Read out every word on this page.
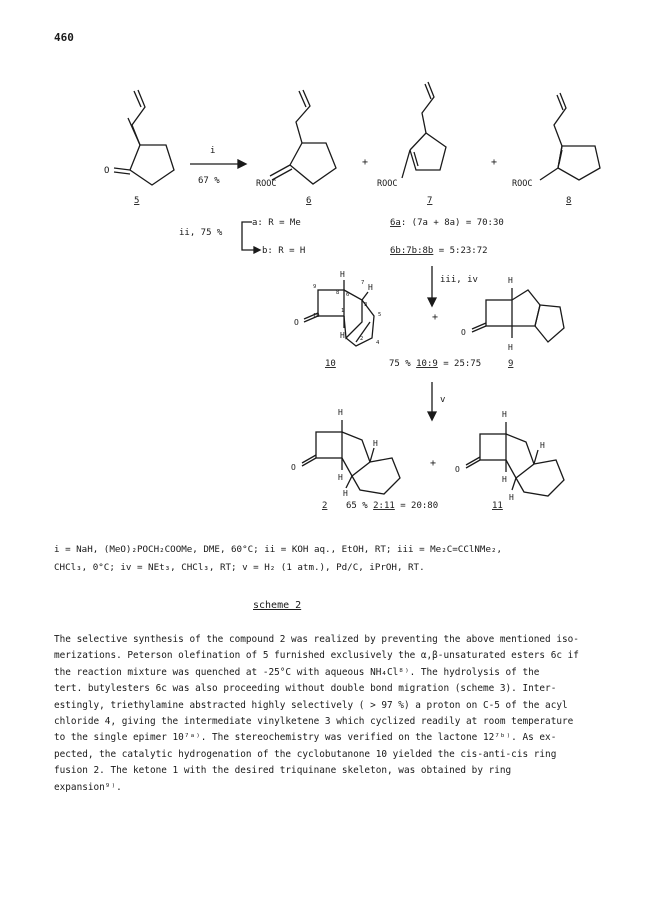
460
O
5
i
67 %	ROOC
6
+
ROOC
7
+
ROOC
8
ii, 75 %
a: R = Me
b: R = H
6a: (7a + 8a) = 70:30
6b:7b:8b = 5:23:72
iii, iv
O
H
H
H
10
1
2
3
4
5
6
7
8
9
10
+
O
H
H
75 % 10:9 = 25:75	9
v
O
H
H
H
H
2
+
O
H
H
H
H
65 % 2:11 = 20:80	11
i = NaH, (MeO)₂POCH₂COOMe, DME, 60°C; ii = KOH aq., EtOH, RT; iii = Me₂C=CClNMe₂,
CHCl₃, 0°C; iv = NEt₃, CHCl₃, RT; v = H₂ (1 atm.), Pd/C, iPrOH, RT.
scheme 2

The selective synthesis of the compound 2 was realized by preventing the above mentioned iso-

merizations. Peterson olefination of 5 furnished exclusively the α,β-unsaturated esters 6c if

the reaction mixture was quenched at -25°C with aqueous NH₄Cl⁸⁾. The hydrolysis of the

tert. butylesters 6c was also proceeding without double bond migration (scheme 3). Inter-

estingly, triethylamine abstracted highly selectively ( > 97 %) a proton on C-5 of the acyl

chloride 4, giving the intermediate vinylketene 3 which cyclized readily at room temperature

to the single epimer 10⁷ᵃ⁾. The stereochemistry was verified on the lactone 12⁷ᵇ⁾. As ex-

pected, the catalytic hydrogenation of the cyclobutanone 10 yielded the cis-anti-cis ring

fusion 2. The ketone 1 with the desired triquinane skeleton, was obtained by ring

expansion⁹⁾.
